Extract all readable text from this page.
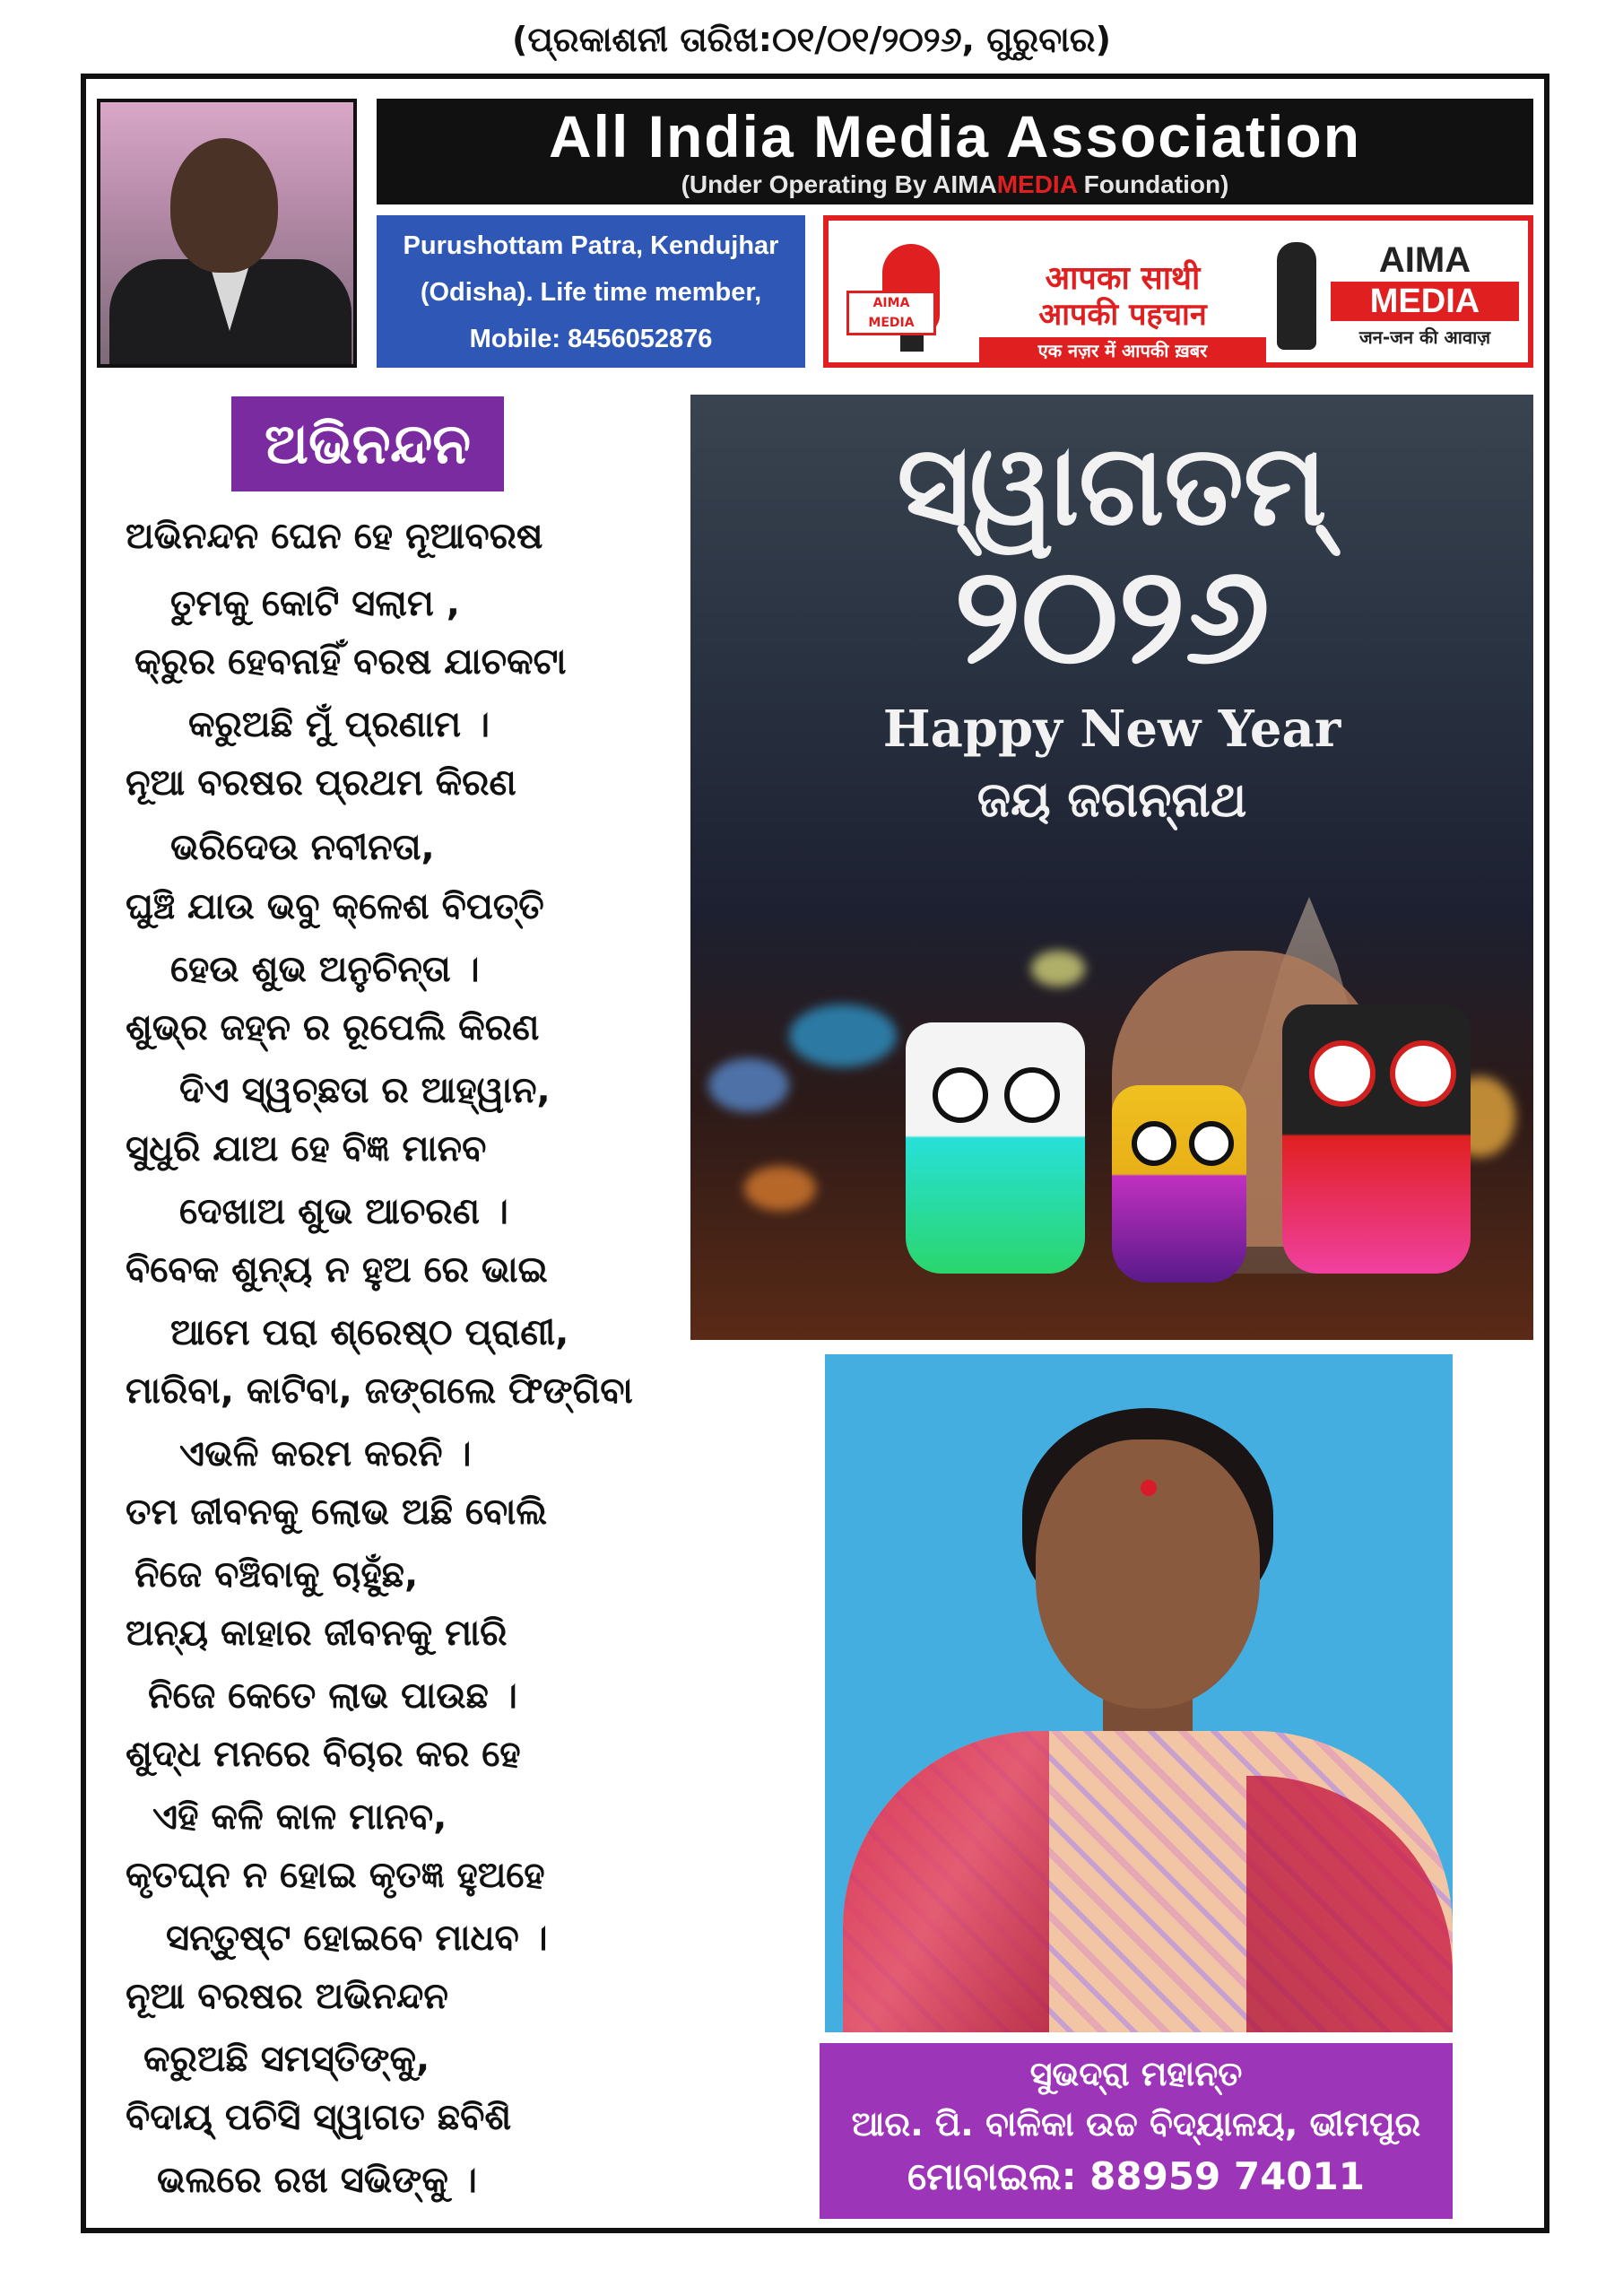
(ପ୍ରକାଶନୀ ତାରିଖ:୦୧/୦୧/୨୦୨୬, ଗୁରୁବାର)
All India Media Association
(Under Operating By AIMAMEDIA Foundation)
Purushottam Patra, Kendujhar
(Odisha). Life time member,
Mobile: 8456052876
AIMA
MEDIA
आपका साथी
आपकी पहचान
एक नज़र में आपकी ख़बर
AIMA
MEDIA
जन-जन की आवाज़
ଅଭିନନ୍ଦନ
ଅଭିନନ୍ଦନ ଘେନ ହେ ନୂଆବରଷ
ତୁମକୁ କୋଟି ସଲାମ ,
କ୍ରୁର ହେବନାହିଁ ବରଷ ଯାଚକଟା
କରୁଅଛି ମୁଁ ପ୍ରଣାମ ।
ନୂଆ ବରଷର ପ୍ରଥମ କିରଣ
ଭରିଦେଉ ନବୀନତା,
ଘୁଞ୍ଚି ଯାଉ ଭବୁ କ୍ଳେଶ ବିପତ୍ତି
ହେଉ ଶୁଭ ଅନୁଚିନ୍ତା ।
ଶୁଭ୍ର ଜହ୍ନ ର ରୂପେଲି କିରଣ
ଦିଏ ସ୍ୱଚ୍ଛତା ର ଆହ୍ୱାନ,
ସୁଧୁରି ଯାଅ ହେ ବିଜ୍ଞ ମାନବ
ଦେଖାଅ ଶୁଭ ଆଚରଣ ।
ବିବେକ ଶୁନ୍ୟ ନ ହୁଅ ରେ ଭାଇ
ଆମେ ପରା ଶ୍ରେଷ୍ଠ ପ୍ରାଣୀ,
ମାରିବା, କାଟିବା, ଜଙ୍ଗଲେ ଫିଙ୍ଗିବା
ଏଭଳି କରମ କରନି ।
ତମ ଜୀବନକୁ ଲୋଭ ଅଛି ବୋଲି
ନିଜେ ବଞ୍ଚିବାକୁ ଚାହୁଁଛ,
ଅନ୍ୟ କାହାର ଜୀବନକୁ ମାରି
ନିଜେ କେତେ ଲାଭ ପାଉଛ ।
ଶୁଦ୍ଧ ମନରେ ବିଚାର କର ହେ
ଏହି କଳି କାଳ ମାନବ,
କୃତଘ୍ନ ନ ହୋଇ କୃତଜ୍ଞ ହୁଅହେ
ସନ୍ତୁଷ୍ଟ ହୋଇବେ ମାଧବ ।
ନୂଆ ବରଷର ଅଭିନନ୍ଦନ
କରୁଅଛି ସମସ୍ତିଙ୍କୁ,
ବିଦାୟ୍ ପଚିସି ସ୍ୱାଗତ ଛବିଶି
ଭଲରେ ରଖ ସଭିଙ୍କୁ ।
ସ୍ୱାଗତମ୍
୨୦୨୬
Happy New Year
ଜୟ ଜଗନ୍ନାଥ
ସୁଭଦ୍ରା ମହାନ୍ତ
ଆର. ପି. ବାଳିକା ଉଚ୍ଚ ବିଦ୍ୟାଳୟ, ଭୀମପୁର
ମୋବାଇଲ: 88959 74011
